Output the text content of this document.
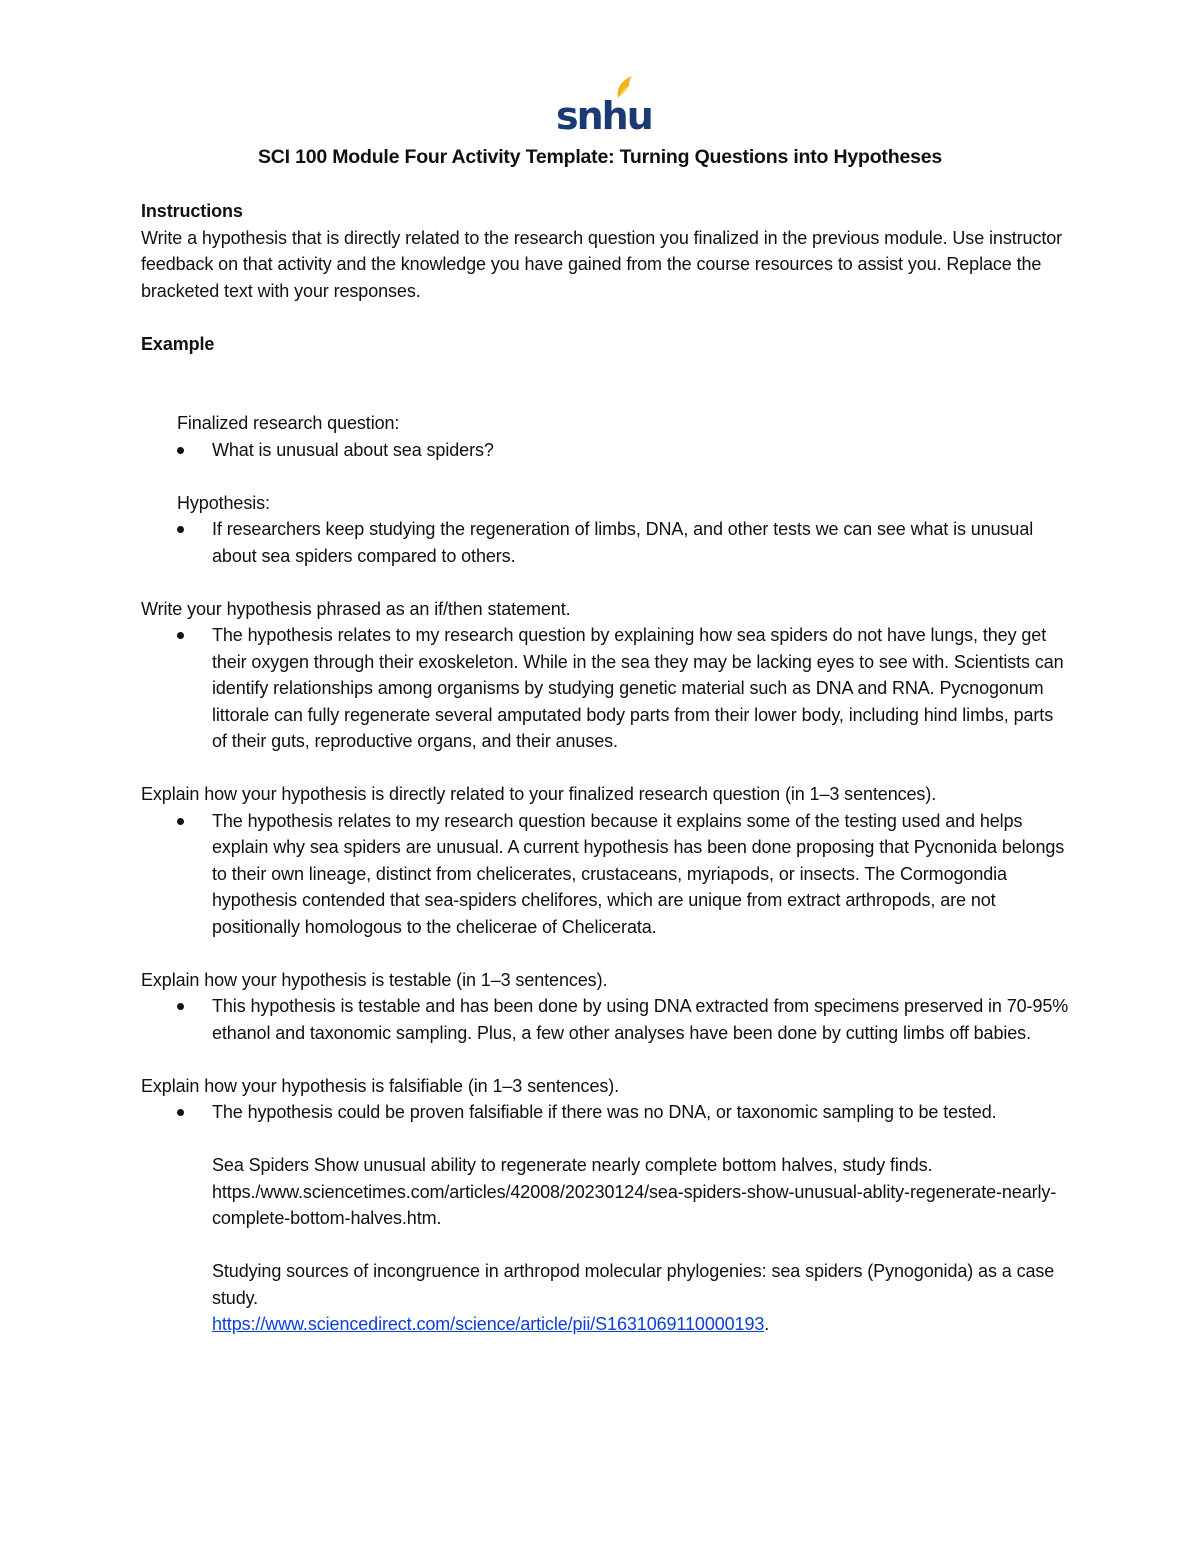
snhu
SCI 100 Module Four Activity Template: Turning Questions into Hypotheses

Instructions

Write a hypothesis that is directly related to the research question you finalized in the previous module. Use instructor feedback on that activity and the knowledge you have gained from the course resources to assist you. Replace the bracketed text with your responses.

Example

Finalized research question:

What is unusual about sea spiders?

Hypothesis:

If researchers keep studying the regeneration of limbs, DNA, and other tests we can see what is unusual about sea spiders compared to others.

Write your hypothesis phrased as an if/then statement.

The hypothesis relates to my research question by explaining how sea spiders do not have lungs, they get their oxygen through their exoskeleton. While in the sea they may be lacking eyes to see with. Scientists can identify relationships among organisms by studying genetic material such as DNA and RNA. Pycnogonum littorale can fully regenerate several amputated body parts from their lower body, including hind limbs, parts of their guts, reproductive organs, and their anuses.

Explain how your hypothesis is directly related to your finalized research question (in 1–3 sentences).

The hypothesis relates to my research question because it explains some of the testing used and helps explain why sea spiders are unusual. A current hypothesis has been done proposing that Pycnonida belongs to their own lineage, distinct from chelicerates, crustaceans, myriapods, or insects. The Cormogondia hypothesis contended that sea-spiders chelifores, which are unique from extract arthropods, are not positionally homologous to the chelicerae of Chelicerata.

Explain how your hypothesis is testable (in 1–3 sentences).

This hypothesis is testable and has been done by using DNA extracted from specimens preserved in 70-95% ethanol and taxonomic sampling. Plus, a few other analyses have been done by cutting limbs off babies.

Explain how your hypothesis is falsifiable (in 1–3 sentences).

The hypothesis could be proven falsifiable if there was no DNA, or taxonomic sampling to be tested.

Sea Spiders Show unusual ability to regenerate nearly complete bottom halves, study finds.

https./www.sciencetimes.com/articles/42008/20230124/sea-spiders-show-unusual-ablity-regenerate-nearly-complete-bottom-halves.htm.

Studying sources of incongruence in arthropod molecular phylogenies: sea spiders (Pynogonida) as a case study.

https://www.sciencedirect.com/science/article/pii/S1631069110000193.
